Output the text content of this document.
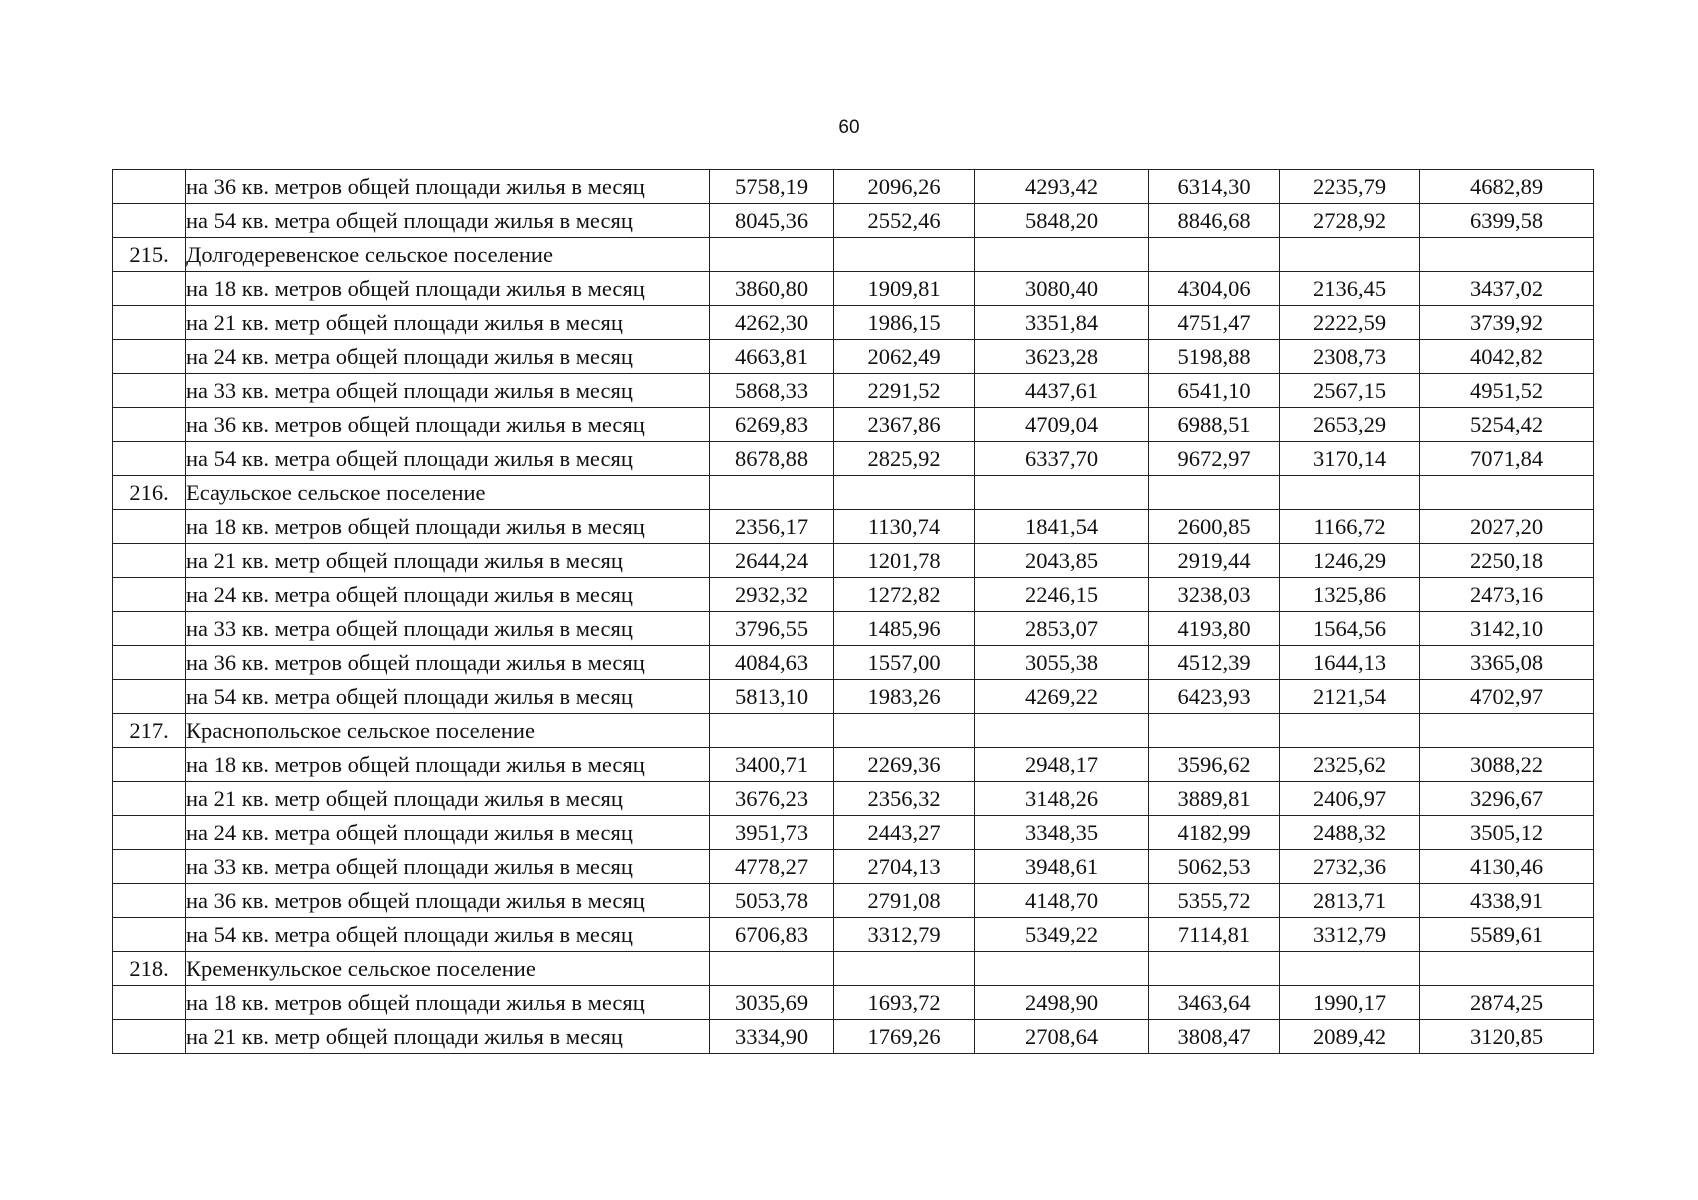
60
	на 36 кв. метров общей площади жилья в месяц	5758,19	2096,26	4293,42	6314,30	2235,79	4682,89
	на 54 кв. метра общей площади жилья в месяц	8045,36	2552,46	5848,20	8846,68	2728,92	6399,58
215.	Долгодеревенское сельское поселение						
	на 18 кв. метров общей площади жилья в месяц	3860,80	1909,81	3080,40	4304,06	2136,45	3437,02
	на 21 кв. метр общей площади жилья в месяц	4262,30	1986,15	3351,84	4751,47	2222,59	3739,92
	на 24 кв. метра общей площади жилья в месяц	4663,81	2062,49	3623,28	5198,88	2308,73	4042,82
	на 33 кв. метра общей площади жилья в месяц	5868,33	2291,52	4437,61	6541,10	2567,15	4951,52
	на 36 кв. метров общей площади жилья в месяц	6269,83	2367,86	4709,04	6988,51	2653,29	5254,42
	на 54 кв. метра общей площади жилья в месяц	8678,88	2825,92	6337,70	9672,97	3170,14	7071,84
216.	Есаульское сельское поселение						
	на 18 кв. метров общей площади жилья в месяц	2356,17	1130,74	1841,54	2600,85	1166,72	2027,20
	на 21 кв. метр общей площади жилья в месяц	2644,24	1201,78	2043,85	2919,44	1246,29	2250,18
	на 24 кв. метра общей площади жилья в месяц	2932,32	1272,82	2246,15	3238,03	1325,86	2473,16
	на 33 кв. метра общей площади жилья в месяц	3796,55	1485,96	2853,07	4193,80	1564,56	3142,10
	на 36 кв. метров общей площади жилья в месяц	4084,63	1557,00	3055,38	4512,39	1644,13	3365,08
	на 54 кв. метра общей площади жилья в месяц	5813,10	1983,26	4269,22	6423,93	2121,54	4702,97
217.	Краснопольское сельское поселение						
	на 18 кв. метров общей площади жилья в месяц	3400,71	2269,36	2948,17	3596,62	2325,62	3088,22
	на 21 кв. метр общей площади жилья в месяц	3676,23	2356,32	3148,26	3889,81	2406,97	3296,67
	на 24 кв. метра общей площади жилья в месяц	3951,73	2443,27	3348,35	4182,99	2488,32	3505,12
	на 33 кв. метра общей площади жилья в месяц	4778,27	2704,13	3948,61	5062,53	2732,36	4130,46
	на 36 кв. метров общей площади жилья в месяц	5053,78	2791,08	4148,70	5355,72	2813,71	4338,91
	на 54 кв. метра общей площади жилья в месяц	6706,83	3312,79	5349,22	7114,81	3312,79	5589,61
218.	Кременкульское сельское поселение						
	на 18 кв. метров общей площади жилья в месяц	3035,69	1693,72	2498,90	3463,64	1990,17	2874,25
	на 21 кв. метр общей площади жилья в месяц	3334,90	1769,26	2708,64	3808,47	2089,42	3120,85
